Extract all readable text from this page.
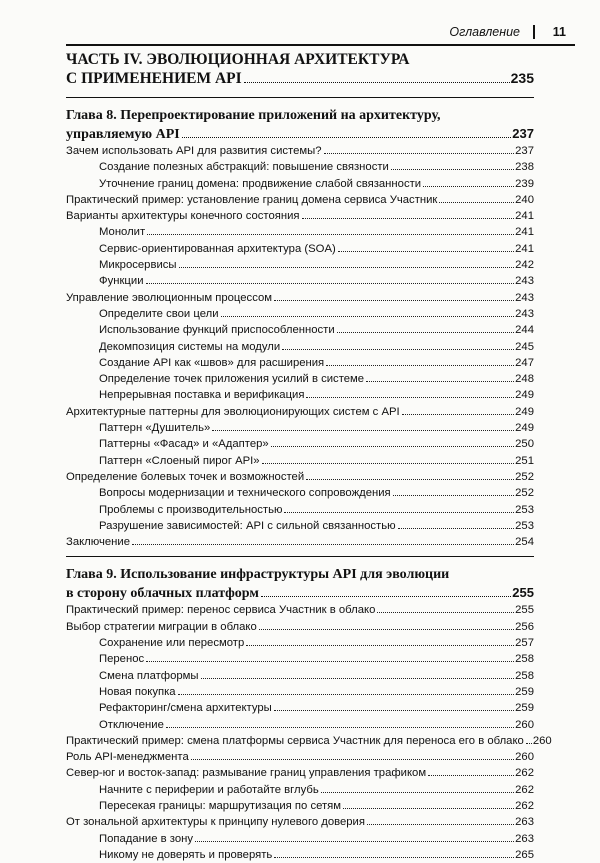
Оглавление	11
ЧАСТЬ IV. ЭВОЛЮЦИОННАЯ АРХИТЕКТУРА
С ПРИМЕНЕНИЕМ API	235
Глава 8. Перепроектирование приложений на архитектуру,
управляемую API	237
Зачем использовать API для развития системы?	237
Создание полезных абстракций: повышение связности	238
Уточнение границ домена: продвижение слабой связанности	239
Практический пример: установление границ домена сервиса Участник	240
Варианты архитектуры конечного состояния	241
Монолит	241
Сервис-ориентированная архитектура (SOA)	241
Микросервисы	242
Функции	243
Управление эволюционным процессом	243
Определите свои цели	243
Использование функций приспособленности	244
Декомпозиция системы на модули	245
Создание API как «швов» для расширения	247
Определение точек приложения усилий в системе	248
Непрерывная поставка и верификация	249
Архитектурные паттерны для эволюционирующих систем с API	249
Паттерн «Душитель»	249
Паттерны «Фасад» и «Адаптер»	250
Паттерн «Слоеный пирог API»	251
Определение болевых точек и возможностей	252
Вопросы модернизации и технического сопровождения	252
Проблемы с производительностью	253
Разрушение зависимостей: API с сильной связанностью	253
Заключение	254
Глава 9. Использование инфраструктуры API для эволюции
в сторону облачных платформ	255
Практический пример: перенос сервиса Участник в облако	255
Выбор стратегии миграции в облако	256
Сохранение или пересмотр	257
Перенос	258
Смена платформы	258
Новая покупка	259
Рефакторинг/смена архитектуры	259
Отключение	260
Практический пример: смена платформы сервиса Участник для переноса его в облако 260
Роль API-менеджмента	260
Север-юг и восток-запад: размывание границ управления трафиком	262
Начните с периферии и работайте вглубь	262
Пересекая границы: маршрутизация по сетям	262
От зональной архитектуры к принципу нулевого доверия	263
Попадание в зону	263
Никому не доверять и проверять	265
